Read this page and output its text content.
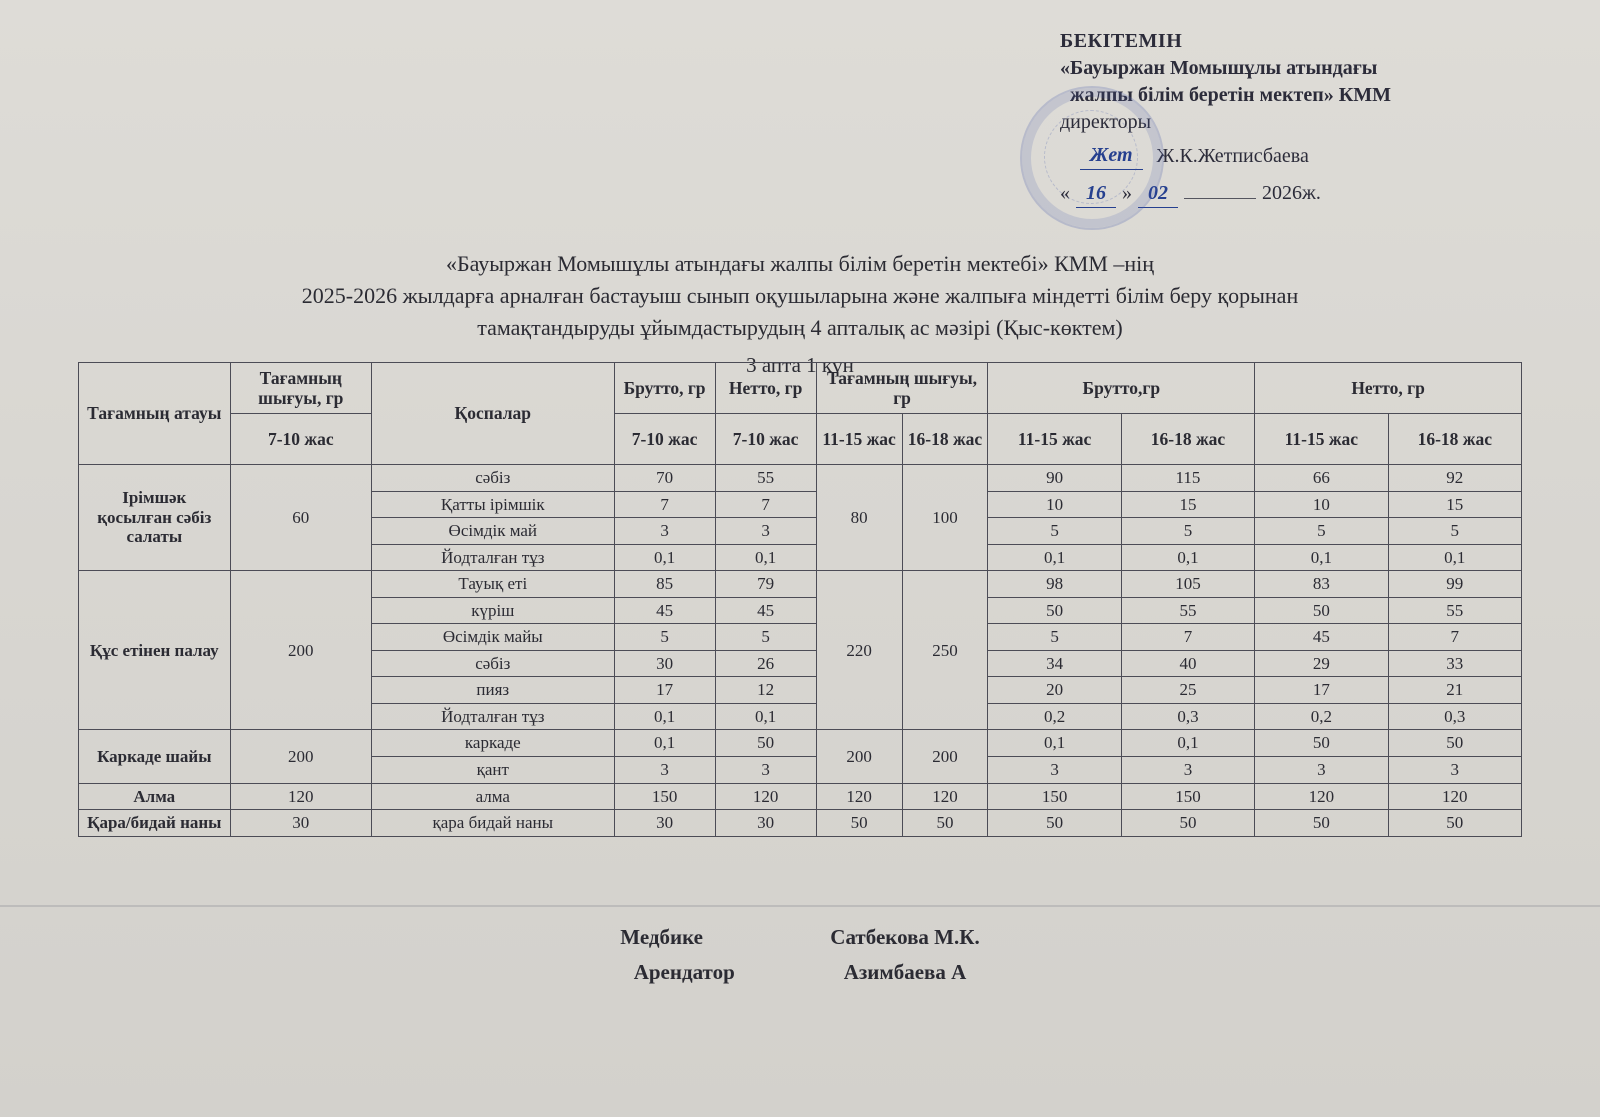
БЕКІТЕМІН
«Бауыржан Момышұлы атындағы
жалпы білім беретін мектеп» КММ
директоры
Жет	Ж.К.Жетписбаева
« 16 » 02	2026ж.
«Бауыржан Момышұлы атындағы жалпы білім беретін мектебі» КММ –нің
2025-2026 жылдарға арналған бастауыш сынып оқушыларына және жалпыға міндетті білім беру қорынан
тамақтандыруды ұйымдастырудың 4 апталық ас мәзірі (Қыс-көктем)
3 апта 1 күн
Тағамның атауы	Тағамның шығуы, гр	Қоспалар	Брутто, гр	Нетто, гр	Тағамның шығуы, гр		Брутто,гр		Нетто, гр	
	7-10 жас		7-10 жас	7-10 жас	11-15 жас	16-18 жас	11-15 жас	16-18 жас	11-15 жас	16-18 жас
Ірімшәк қосылған сәбіз салаты	60	сәбіз	70	55	80	100	90	115	66	92
		Қатты ірімшік	7	7			10	15	10	15
		Өсімдік май	3	3			5	5	5	5
		Йодталған тұз	0,1	0,1			0,1	0,1	0,1	0,1
Құс етінен палау	200	Тауық еті	85	79	220	250	98	105	83	99
		күріш	45	45			50	55	50	55
		Өсімдік майы	5	5			5	7	45	7
		сәбіз	30	26			34	40	29	33
		пияз	17	12			20	25	17	21
		Йодталған тұз	0,1	0,1			0,2	0,3	0,2	0,3
Каркаде шайы	200	каркаде	0,1	50	200	200	0,1	0,1	50	50
		қант	3	3			3	3	3	3
Алма	120	алма	150	120	120	120	150	150	120	120
Қара/бидай наны	30	қара бидай наны	30	30	50	50	50	50	50	50
Медбике	Сатбекова М.К.
Арендатор	Азимбаева А
